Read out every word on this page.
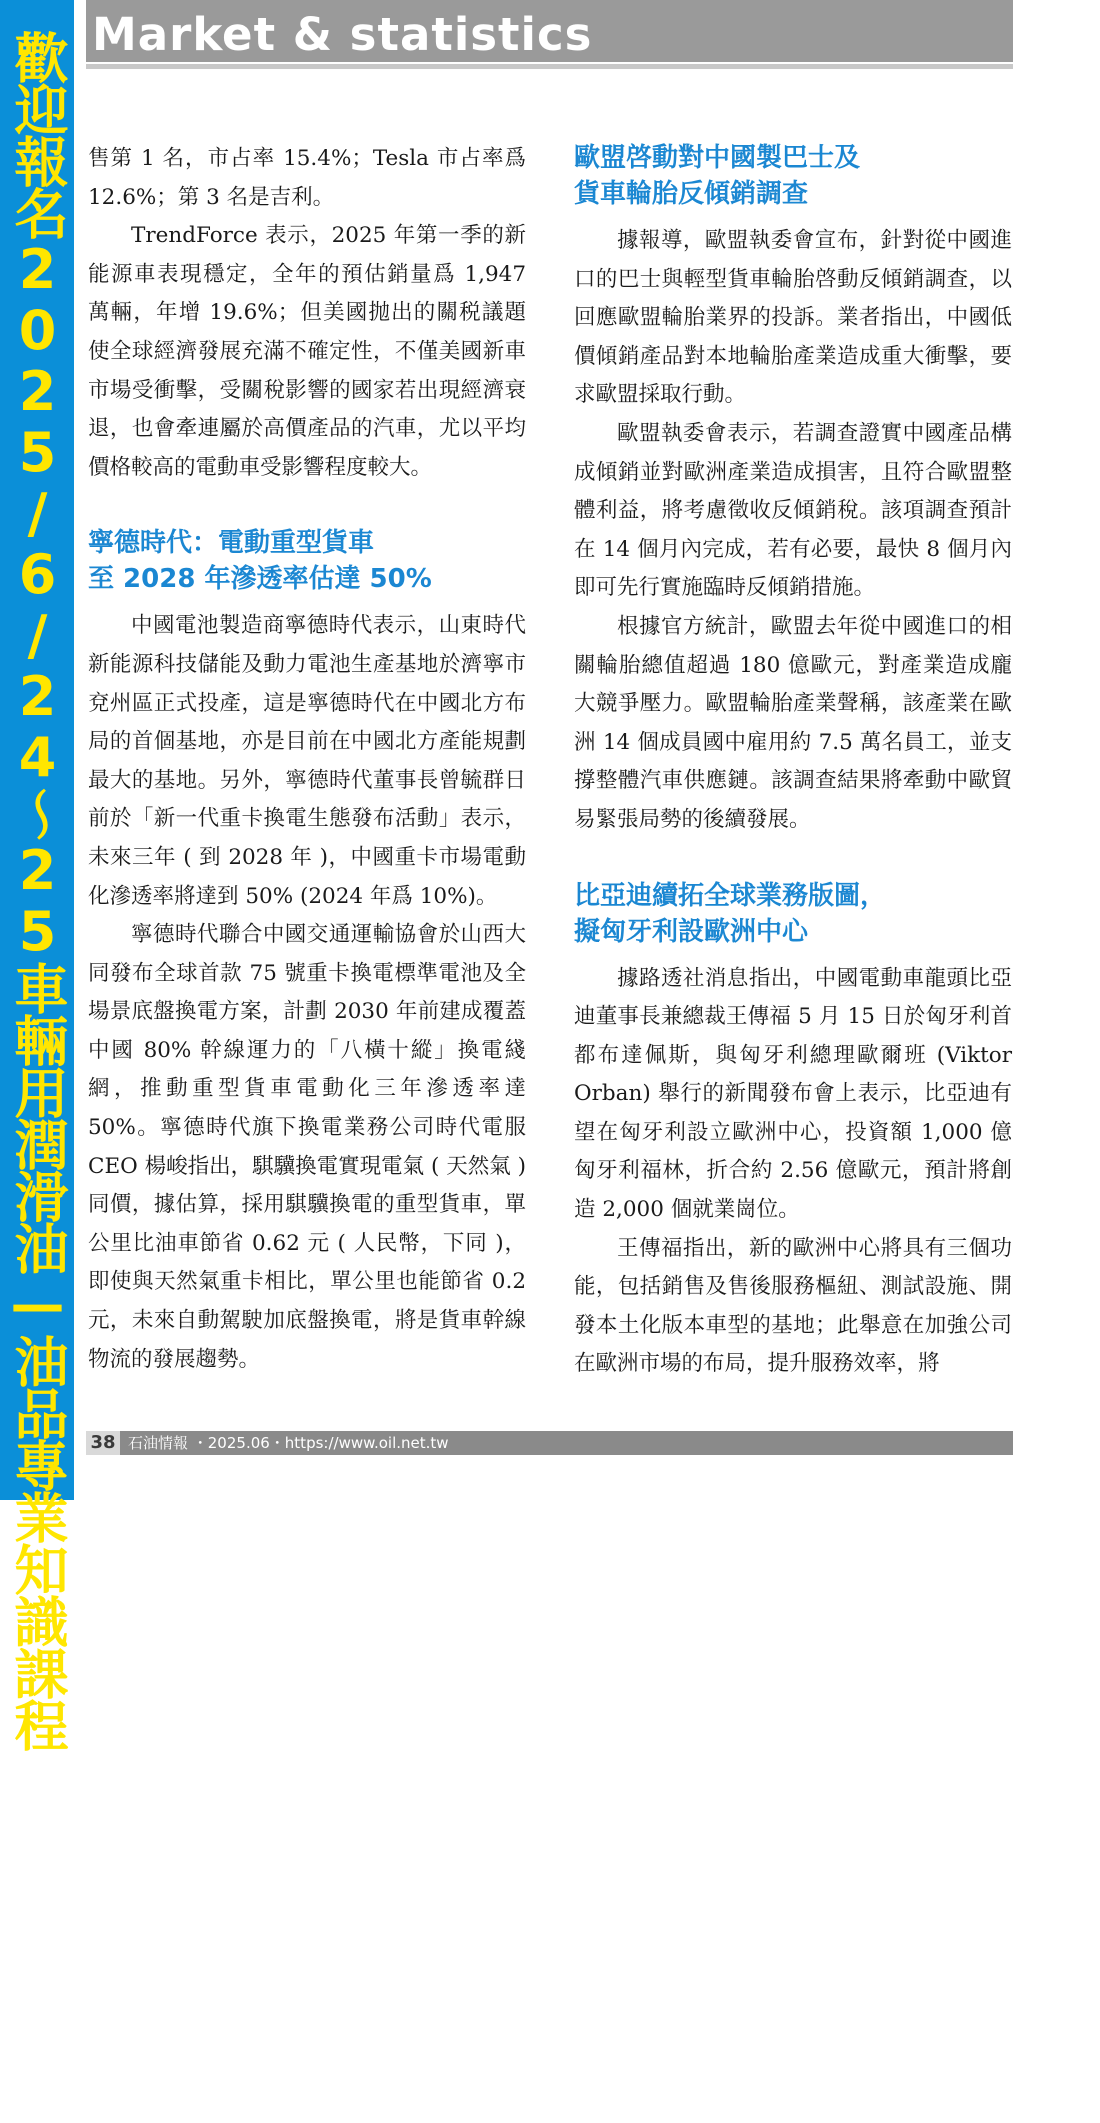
歡迎報名2025/6/24～25車輛用潤滑油—油品專業知識課程（詳見第7頁）
Market & statistics

售第 1 名，市占率 15.4%；Tesla 市占率爲 12.6%；第 3 名是吉利。

TrendForce 表示，2025 年第一季的新能源車表現穩定，全年的預估銷量爲 1,947 萬輛，年增 19.6%；但美國抛出的關税議題使全球經濟發展充滿不確定性，不僅美國新車市場受衝擊，受關稅影響的國家若出現經濟衰退，也會牽連屬於高價產品的汽車，尤以平均價格較高的電動車受影響程度較大。

寧德時代：電動重型貨車
至 2028 年滲透率估達 50%

中國電池製造商寧德時代表示，山東時代新能源科技儲能及動力電池生產基地於濟寧市兗州區正式投產，這是寧德時代在中國北方布局的首個基地，亦是目前在中國北方產能規劃最大的基地。另外，寧德時代董事長曾毓群日前於「新一代重卡換電生態發布活動」表示，未來三年 ( 到 2028 年 )，中國重卡市場電動化滲透率將達到 50% (2024 年爲 10%)。

寧德時代聯合中國交通運輸協會於山西大同發布全球首款 75 號重卡換電標準電池及全場景底盤換電方案，計劃 2030 年前建成覆蓋中國 80% 幹線運力的「八橫十縱」換電綫網，推動重型貨車電動化三年滲透率達 50%。寧德時代旗下換電業務公司時代電服 CEO 楊峻指出，騏驥換電實現電氣 ( 天然氣 ) 同價，據估算，採用騏驥換電的重型貨車，單公里比油車節省 0.62 元 ( 人民幣，下同 )，即使與天然氣重卡相比，單公里也能節省 0.2 元，未來自動駕駛加底盤換電，將是貨車幹線物流的發展趨勢。

歐盟啓動對中國製巴士及
貨車輪胎反傾銷調查

據報導，歐盟執委會宣布，針對從中國進口的巴士與輕型貨車輪胎啓動反傾銷調查，以回應歐盟輪胎業界的投訴。業者指出，中國低價傾銷產品對本地輪胎產業造成重大衝擊，要求歐盟採取行動。

歐盟執委會表示，若調查證實中國產品構成傾銷並對歐洲產業造成損害，且符合歐盟整體利益，將考慮徵收反傾銷稅。該項調查預計在 14 個月內完成，若有必要，最快 8 個月內即可先行實施臨時反傾銷措施。

根據官方統計，歐盟去年從中國進口的相關輪胎總值超過 180 億歐元，對產業造成龐大競爭壓力。歐盟輪胎產業聲稱，該產業在歐洲 14 個成員國中雇用約 7.5 萬名員工，並支撐整體汽車供應鏈。該調查結果將牽動中歐貿易緊張局勢的後續發展。

比亞迪續拓全球業務版圖，
擬匈牙利設歐洲中心

據路透社消息指出，中國電動車龍頭比亞迪董事長兼總裁王傳福 5 月 15 日於匈牙利首都布達佩斯，與匈牙利總理歐爾班 (Viktor Orban) 舉行的新聞發布會上表示，比亞迪有望在匈牙利設立歐洲中心，投資額 1,000 億匈牙利福林，折合約 2.56 億歐元，預計將創造 2,000 個就業崗位。

王傳福指出，新的歐洲中心將具有三個功能，包括銷售及售後服務樞紐、測試設施、開發本土化版本車型的基地；此舉意在加強公司在歐洲市場的布局，提升服務效率，將

38 石油情報 ・2025.06・https://www.oil.net.tw
